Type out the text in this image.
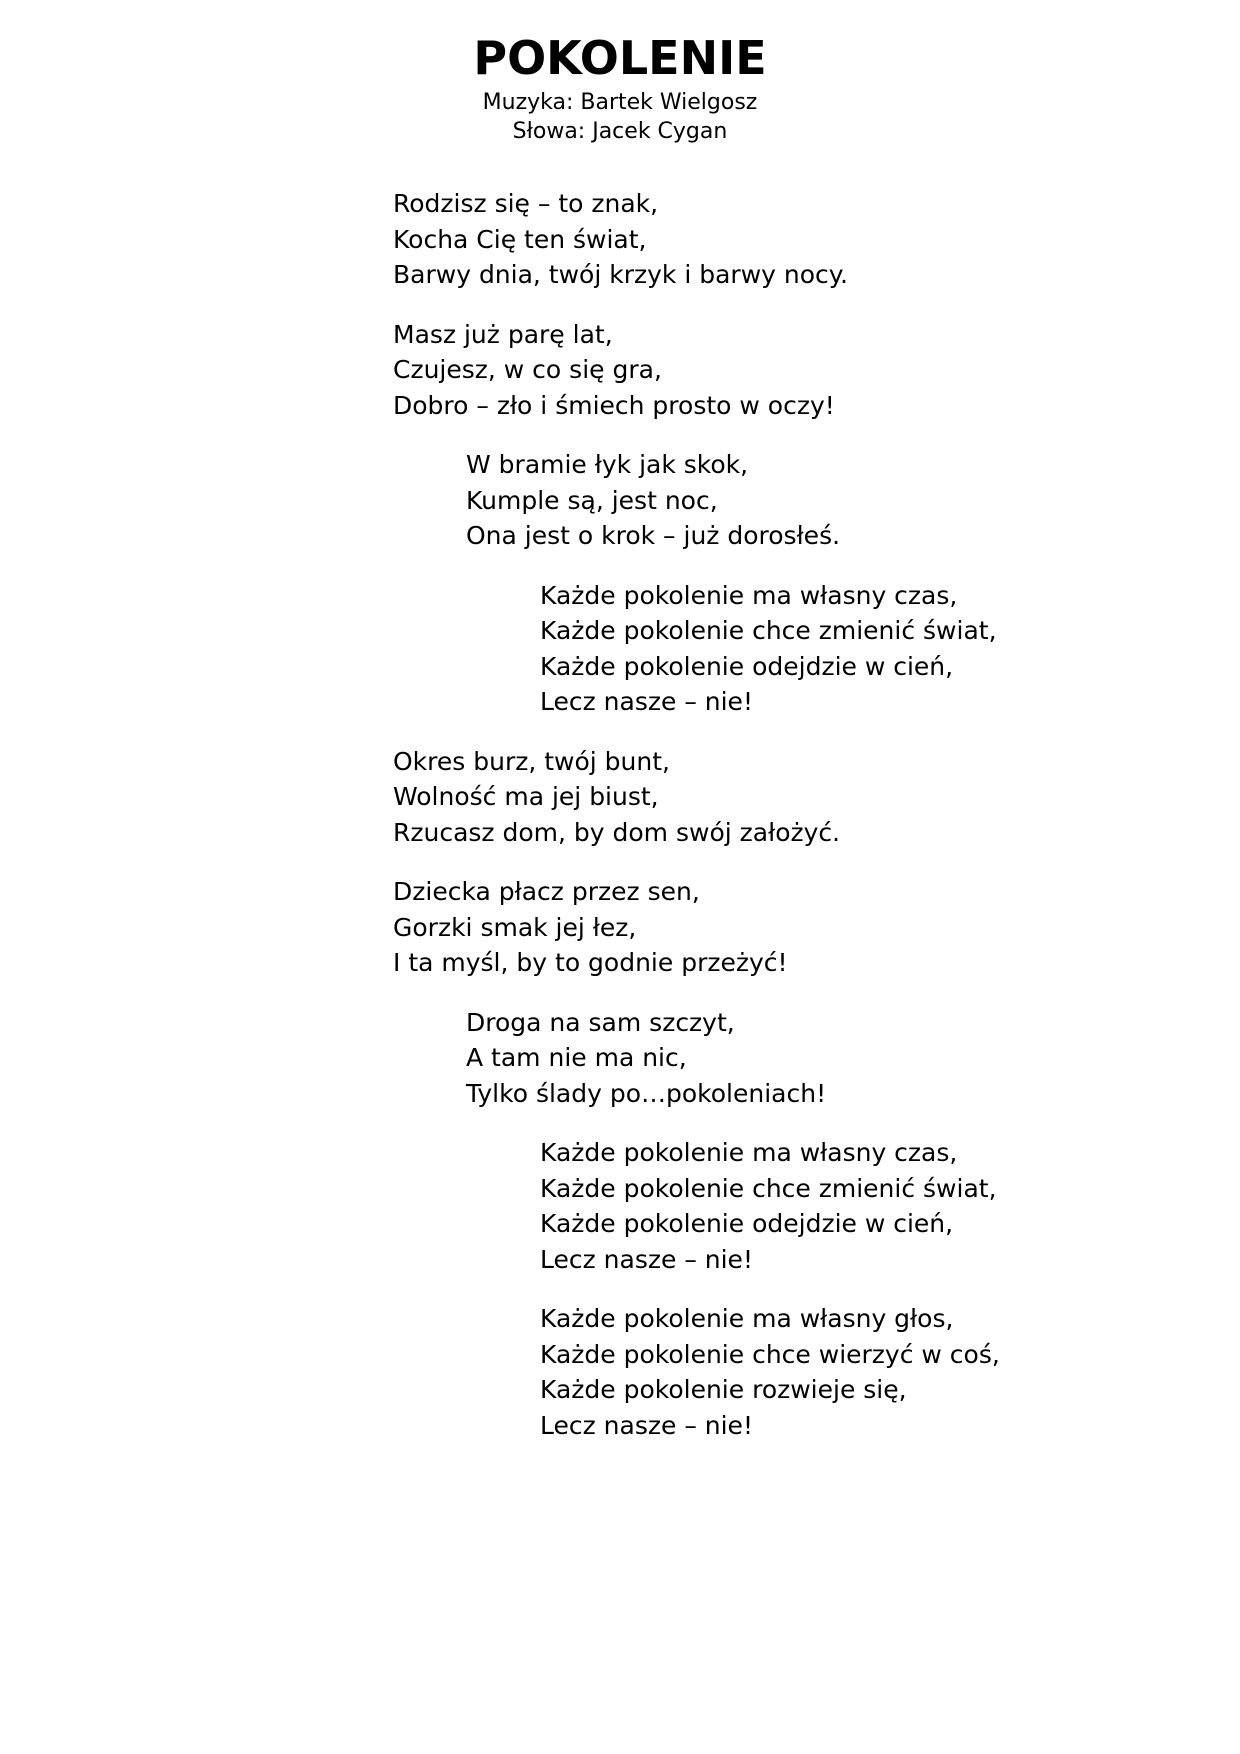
POKOLENIE

Muzyka: Bartek Wielgosz

Słowa: Jacek Cygan

Rodzisz się – to znak,
Kocha Cię ten świat,
Barwy dnia, twój krzyk i barwy nocy.
Masz już parę lat,
Czujesz, w co się gra,
Dobro – zło i śmiech prosto w oczy!
W bramie łyk jak skok,
Kumple są, jest noc,
Ona jest o krok – już dorosłeś.
Każde pokolenie ma własny czas,
Każde pokolenie chce zmienić świat,
Każde pokolenie odejdzie w cień,
Lecz nasze – nie!
Okres burz, twój bunt,
Wolność ma jej biust,
Rzucasz dom, by dom swój założyć.
Dziecka płacz przez sen,
Gorzki smak jej łez,
I ta myśl, by to godnie przeżyć!
Droga na sam szczyt,
A tam nie ma nic,
Tylko ślady po…pokoleniach!
Każde pokolenie ma własny czas,
Każde pokolenie chce zmienić świat,
Każde pokolenie odejdzie w cień,
Lecz nasze – nie!
Każde pokolenie ma własny głos,
Każde pokolenie chce wierzyć w coś,
Każde pokolenie rozwieje się,
Lecz nasze – nie!
